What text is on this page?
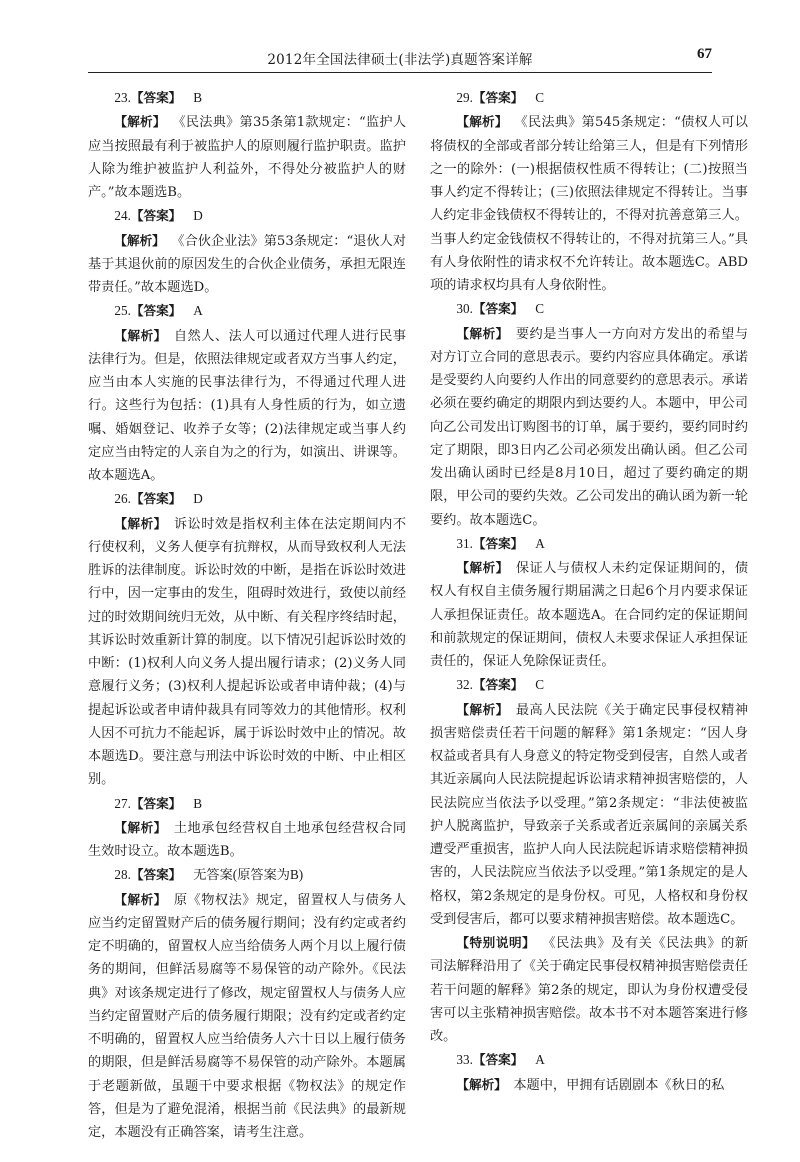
2012年全国法律硕士(非法学)真题答案详解	67

23.【答案】 B

【解析】  《民法典》第35条第1款规定：“监护人应当按照最有利于被监护人的原则履行监护职责。监护人除为维护被监护人利益外，不得处分被监护人的财产。”故本题选B。

24.【答案】 D

【解析】  《合伙企业法》第53条规定：“退伙人对基于其退伙前的原因发生的合伙企业债务，承担无限连带责任。”故本题选D。

25.【答案】 A

【解析】  自然人、法人可以通过代理人进行民事法律行为。但是，依照法律规定或者双方当事人约定，应当由本人实施的民事法律行为，不得通过代理人进行。这些行为包括：(1)具有人身性质的行为，如立遗嘱、婚姻登记、收养子女等；(2)法律规定或当事人约定应当由特定的人亲自为之的行为，如演出、讲课等。故本题选A。

26.【答案】 D

【解析】  诉讼时效是指权利主体在法定期间内不行使权利，义务人便享有抗辩权，从而导致权利人无法胜诉的法律制度。诉讼时效的中断，是指在诉讼时效进行中，因一定事由的发生，阻碍时效进行，致使以前经过的时效期间统归无效，从中断、有关程序终结时起，其诉讼时效重新计算的制度。以下情况引起诉讼时效的中断：(1)权利人向义务人提出履行请求；(2)义务人同意履行义务；(3)权利人提起诉讼或者申请仲裁；(4)与提起诉讼或者申请仲裁具有同等效力的其他情形。权利人因不可抗力不能起诉，属于诉讼时效中止的情况。故本题选D。要注意与刑法中诉讼时效的中断、中止相区别。

27.【答案】 B

【解析】  土地承包经营权自土地承包经营权合同生效时设立。故本题选B。

28.【答案】 无答案(原答案为B)

【解析】  原《物权法》规定，留置权人与债务人应当约定留置财产后的债务履行期间；没有约定或者约定不明确的，留置权人应当给债务人两个月以上履行债务的期间，但鲜活易腐等不易保管的动产除外。《民法典》对该条规定进行了修改，规定留置权人与债务人应当约定留置财产后的债务履行期限；没有约定或者约定不明确的，留置权人应当给债务人六十日以上履行债务的期限，但是鲜活易腐等不易保管的动产除外。本题属于老题新做，虽题干中要求根据《物权法》的规定作答，但是为了避免混淆，根据当前《民法典》的最新规定，本题没有正确答案，请考生注意。

29.【答案】 C

【解析】  《民法典》第545条规定：“债权人可以将债权的全部或者部分转让给第三人，但是有下列情形之一的除外：(一)根据债权性质不得转让；(二)按照当事人约定不得转让；(三)依照法律规定不得转让。当事人约定非金钱债权不得转让的，不得对抗善意第三人。当事人约定金钱债权不得转让的，不得对抗第三人。”具有人身依附性的请求权不允许转让。故本题选C。ABD项的请求权均具有人身依附性。

30.【答案】 C

【解析】  要约是当事人一方向对方发出的希望与对方订立合同的意思表示。要约内容应具体确定。承诺是受要约人向要约人作出的同意要约的意思表示。承诺必须在要约确定的期限内到达要约人。本题中，甲公司向乙公司发出订购图书的订单，属于要约，要约同时约定了期限，即3日内乙公司必须发出确认函。但乙公司发出确认函时已经是8月10日，超过了要约确定的期限，甲公司的要约失效。乙公司发出的确认函为新一轮要约。故本题选C。

31.【答案】 A

【解析】  保证人与债权人未约定保证期间的，债权人有权自主债务履行期届满之日起6个月内要求保证人承担保证责任。故本题选A。在合同约定的保证期间和前款规定的保证期间，债权人未要求保证人承担保证责任的，保证人免除保证责任。

32.【答案】 C

【解析】  最高人民法院《关于确定民事侵权精神损害赔偿责任若干问题的解释》第1条规定：“因人身权益或者具有人身意义的特定物受到侵害，自然人或者其近亲属向人民法院提起诉讼请求精神损害赔偿的，人民法院应当依法予以受理。”第2条规定：“非法使被监护人脱离监护，导致亲子关系或者近亲属间的亲属关系遭受严重损害，监护人向人民法院起诉请求赔偿精神损害的，人民法院应当依法予以受理。”第1条规定的是人格权，第2条规定的是身份权。可见，人格权和身份权受到侵害后，都可以要求精神损害赔偿。故本题选C。

【特别说明】  《民法典》及有关《民法典》的新司法解释沿用了《关于确定民事侵权精神损害赔偿责任若干问题的解释》第2条的规定，即认为身份权遭受侵害可以主张精神损害赔偿。故本书不对本题答案进行修改。

33.【答案】 A

【解析】  本题中，甲拥有话剧剧本《秋日的私
